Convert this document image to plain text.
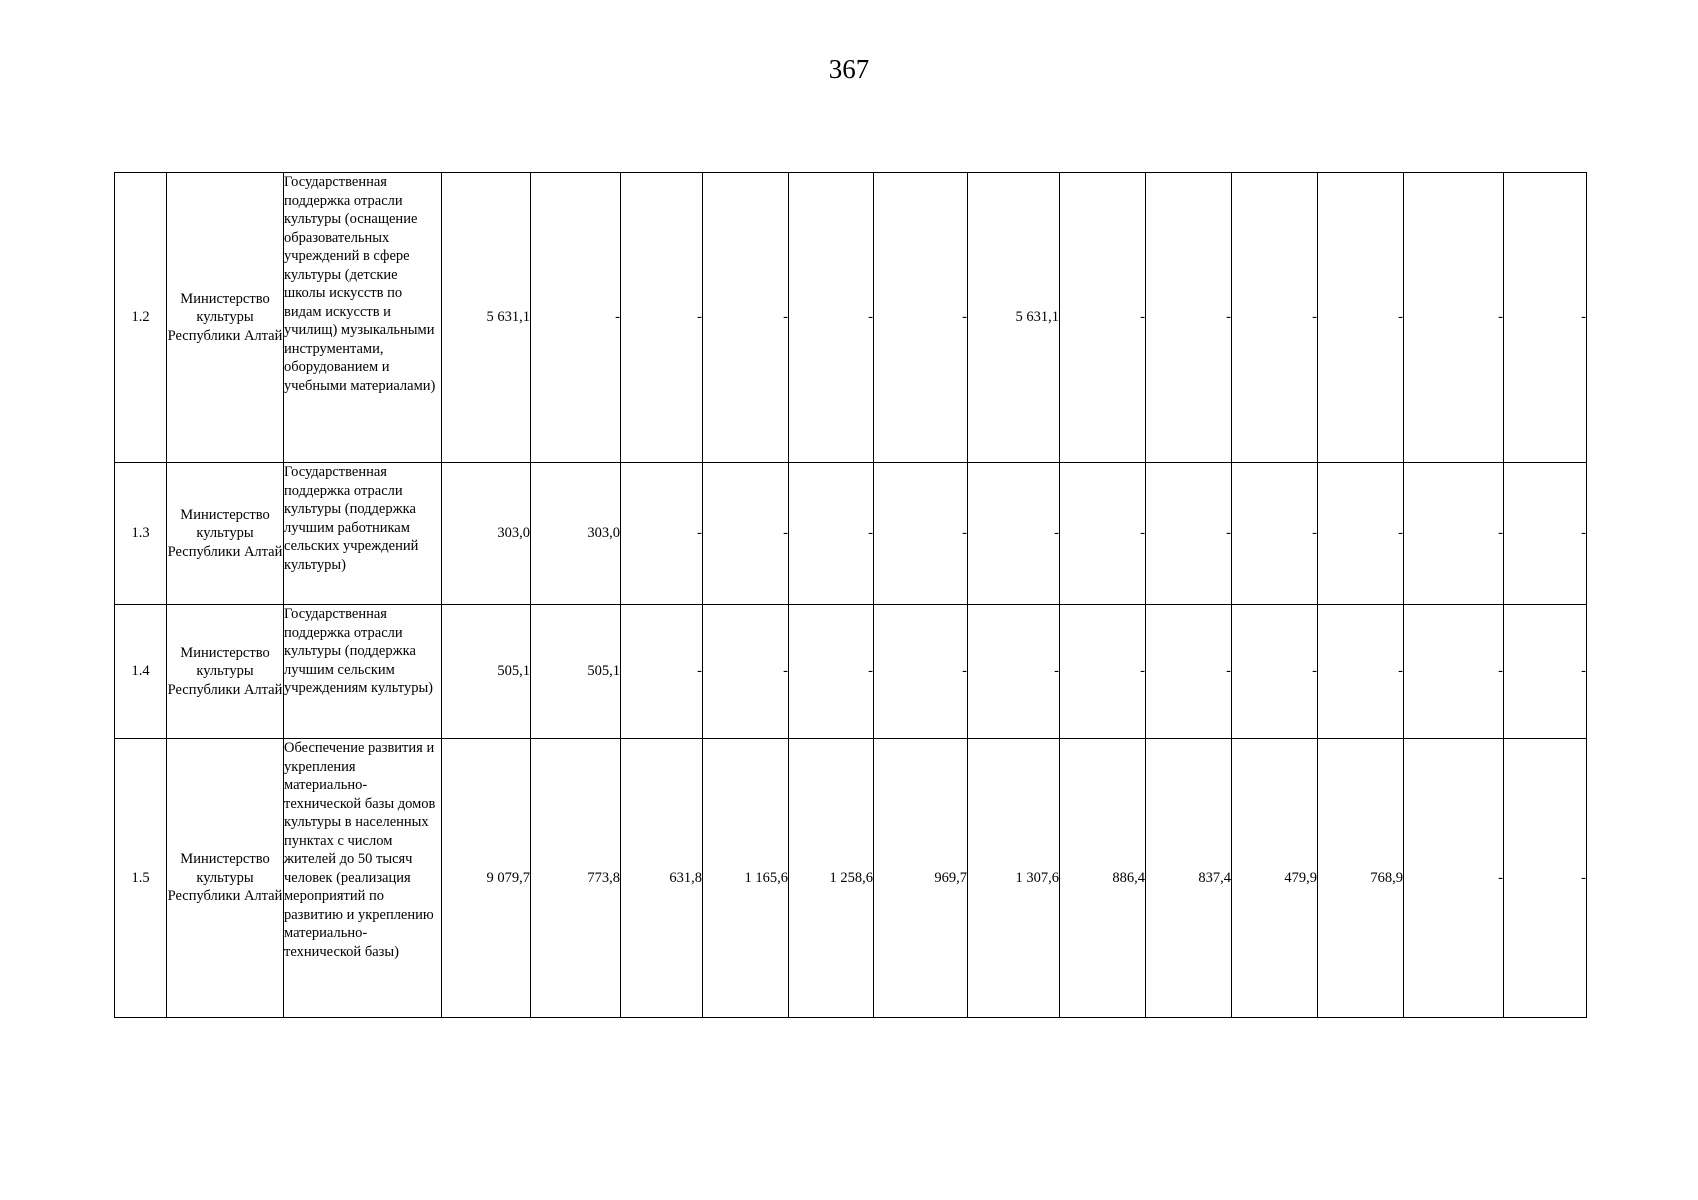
367
1.2	Министерство культуры Республики Алтай	Государственная поддержка отрасли культуры (оснащение образовательных учреждений в сфере культуры (детские школы искусств по видам искусств и училищ) музыкальными инструментами, оборудованием и учебными материалами)	5 631,1	-	-	-	-	-	5 631,1	-	-	-	-	-	-
1.3	Министерство культуры Республики Алтай	Государственная поддержка отрасли культуры (поддержка лучшим работникам сельских учреждений культуры)	303,0	303,0	-	-	-	-	-	-	-	-	-	-	-
1.4	Министерство культуры Республики Алтай	Государственная поддержка отрасли культуры (поддержка лучшим сельским учреждениям культуры)	505,1	505,1	-	-	-	-	-	-	-	-	-	-	-
1.5	Министерство культуры Республики Алтай	Обеспечение развития и укрепления материально-технической базы домов культуры в населенных пунктах с числом жителей до 50 тысяч человек (реализация мероприятий по развитию и укреплению материально-технической базы)	9 079,7	773,8	631,8	1 165,6	1 258,6	969,7	1 307,6	886,4	837,4	479,9	768,9	-	-
